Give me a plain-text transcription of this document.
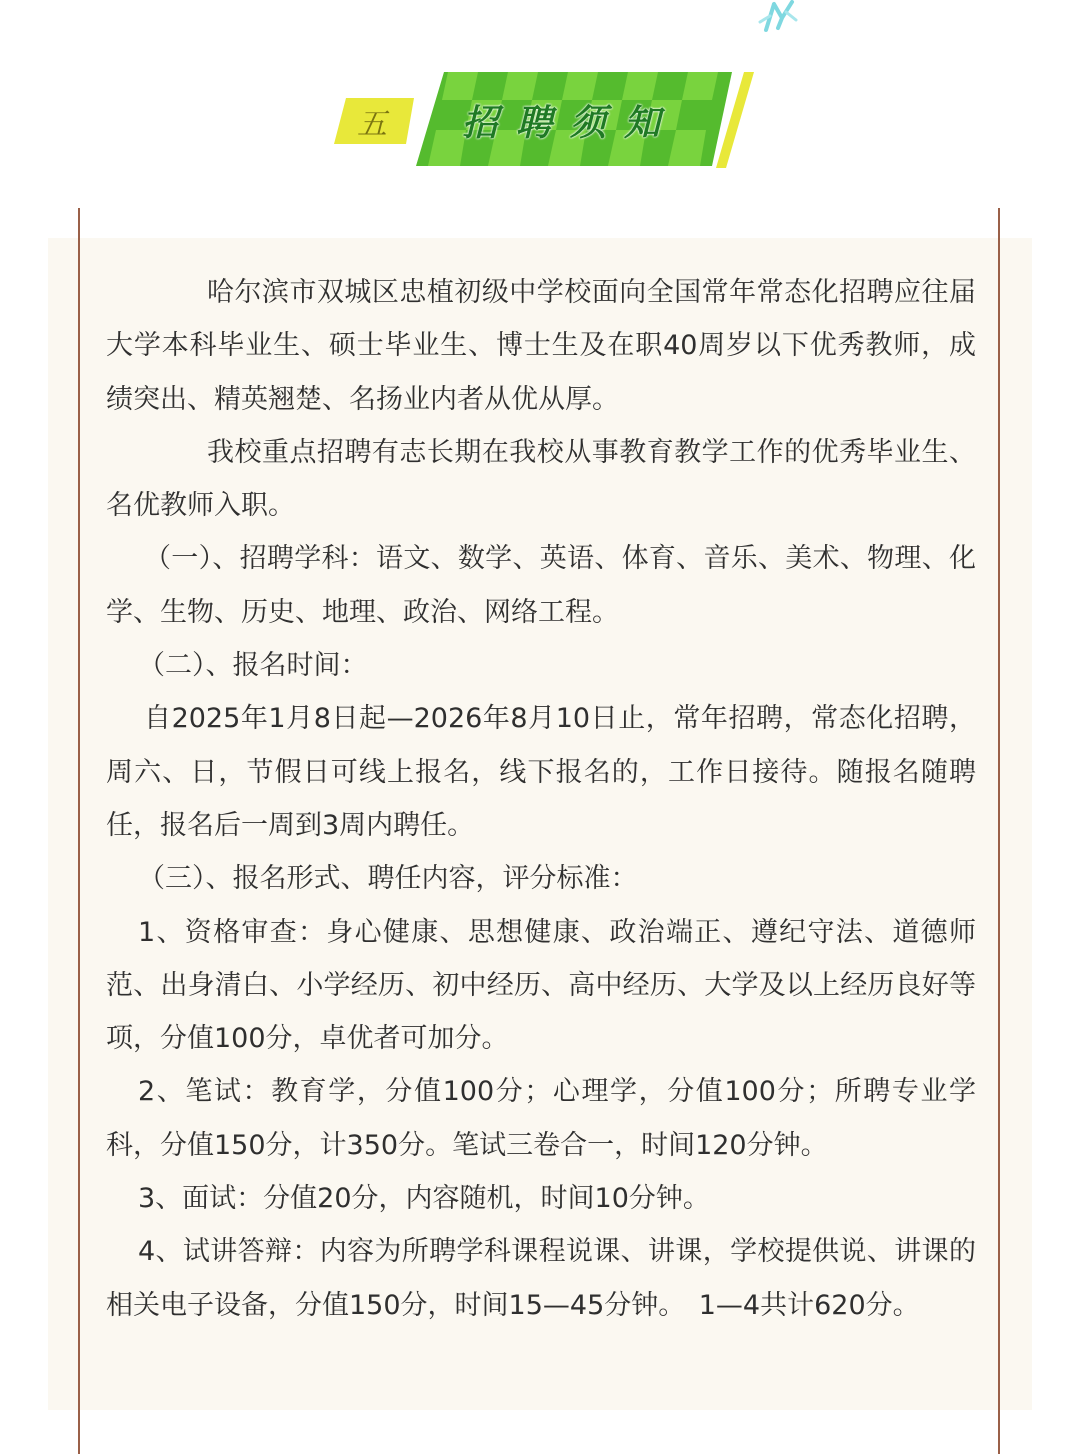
五	招聘须知

哈尔滨市双城区忠植初级中学校面向全国常年常态化招聘应往届大学本科毕业生、硕士毕业生、博士生及在职40周岁以下优秀教师，成绩突出、精英翘楚、名扬业内者从优从厚。

我校重点招聘有志长期在我校从事教育教学工作的优秀毕业生、名优教师入职。

（一）、招聘学科：语文、数学、英语、体育、音乐、美术、物理、化学、生物、历史、地理、政治、网络工程。

（二）、报名时间：

自2025年1月8日起—2026年8月10日止，常年招聘，常态化招聘，周六、日，节假日可线上报名，线下报名的，工作日接待。随报名随聘任，报名后一周到3周内聘任。

（三）、报名形式、聘任内容，评分标准：

1、资格审查：身心健康、思想健康、政治端正、遵纪守法、道德师范、出身清白、小学经历、初中经历、高中经历、大学及以上经历良好等项，分值100分，卓优者可加分。

2、笔试：教育学，分值100分；心理学，分值100分；所聘专业学科，分值150分，计350分。笔试三卷合一，时间120分钟。

3、面试：分值20分，内容随机，时间10分钟。

4、试讲答辩：内容为所聘学科课程说课、讲课，学校提供说、讲课的相关电子设备，分值150分，时间15—45分钟。　1—4共计620分。
